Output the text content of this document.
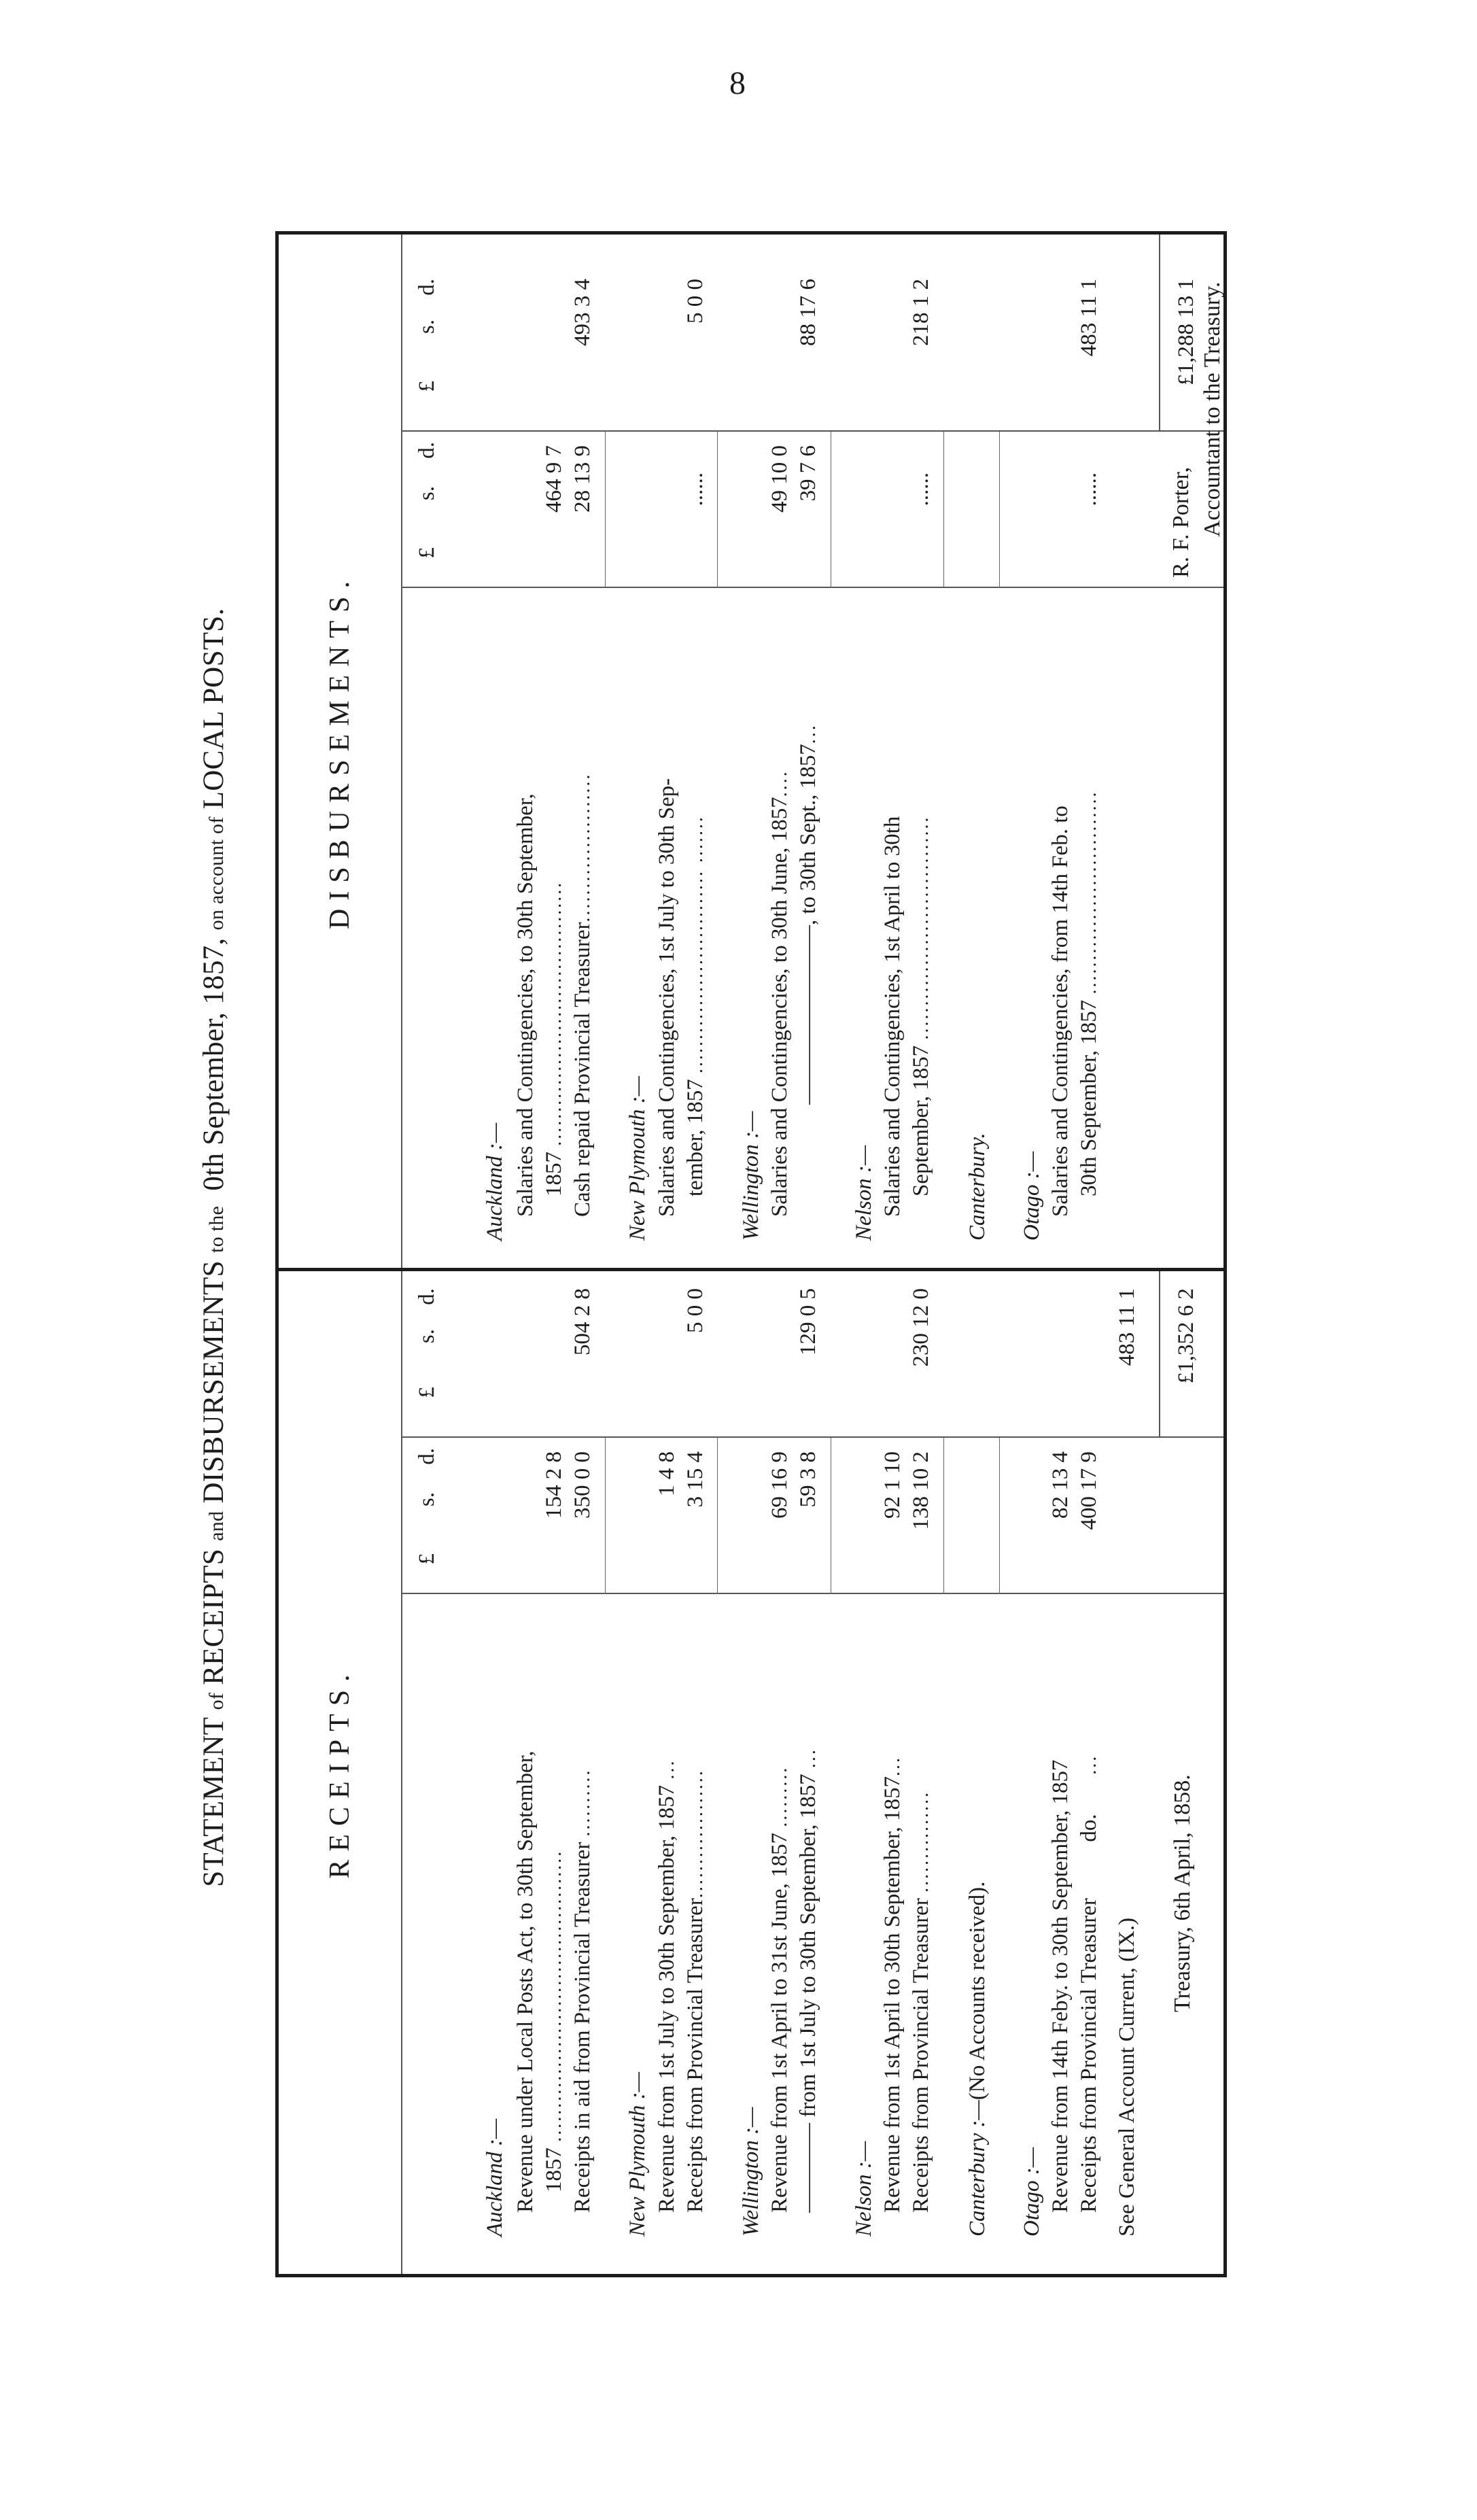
8
STATEMENT of RECEIPTS and DISBURSEMENTS to the  0th September, 1857, on account of LOCAL POSTS.
RECEIPTS.
£
s.
d.
£
s.
d.
Auckland :— Revenue under Local Posts Act, to 30th September, 1857 ........................................... Receipts in aid from Provincial Treasurer ..........
154 2 8 350 0 0
504 2 8
New Plymouth :— Revenue from 1st July to 30th September, 1857 ...
Receipts from Provincial Treasurer...................
1 4 8 3 15 4
5 0 0
Wellington :— Revenue from 1st April to 31st June, 1857 ......... ———— from 1st July to 30th September, 1857 ...
69 16 9 59 3 8
129 0 5
Nelson :— Revenue from 1st April to 30th September, 1857...
Receipts from Provincial Treasurer ...............
92 1 10 138 10 2
230 12 0
Canterbury :—(No Accounts received).
Otago :— Revenue from 14th Feby. to 30th September, 1857 Receipts from Provincial Treasurer          do.       ...
82 13 4 400 17 9
See General Account Current, (IX.)
483 11 1 £1,352 6 2
DISBURSEMENTS.
£
s.
d.
£
s.
d.
Auckland :— Salaries and Contingencies, to 30th September, 1857 ....................................... Cash repaid Provincial Treasurer......................
464 9 7 28 13 9
493 3 4
New Plymouth :— Salaries and Contingencies, 1st July to 30th Sep- tember, 1857 .............................. .......
......
5 0 0
Wellington :— Salaries and Contingencies, to 30th June, 1857.... ————————, to 30th Sept., 1857...
49 10 0 39 7 6
88 17 6
Nelson :— Salaries and Contingencies, 1st April to 30th September, 1857 .................................
......
218 1 2
Canterbury. Otago :— Salaries and Contingencies, from 14th Feb. to 30th September, 1857 ..............................
......
483 11 1	£1,288 13 1
Treasury, 6th April, 1858.
R. F. Porter, Accountant to the Treasury.
